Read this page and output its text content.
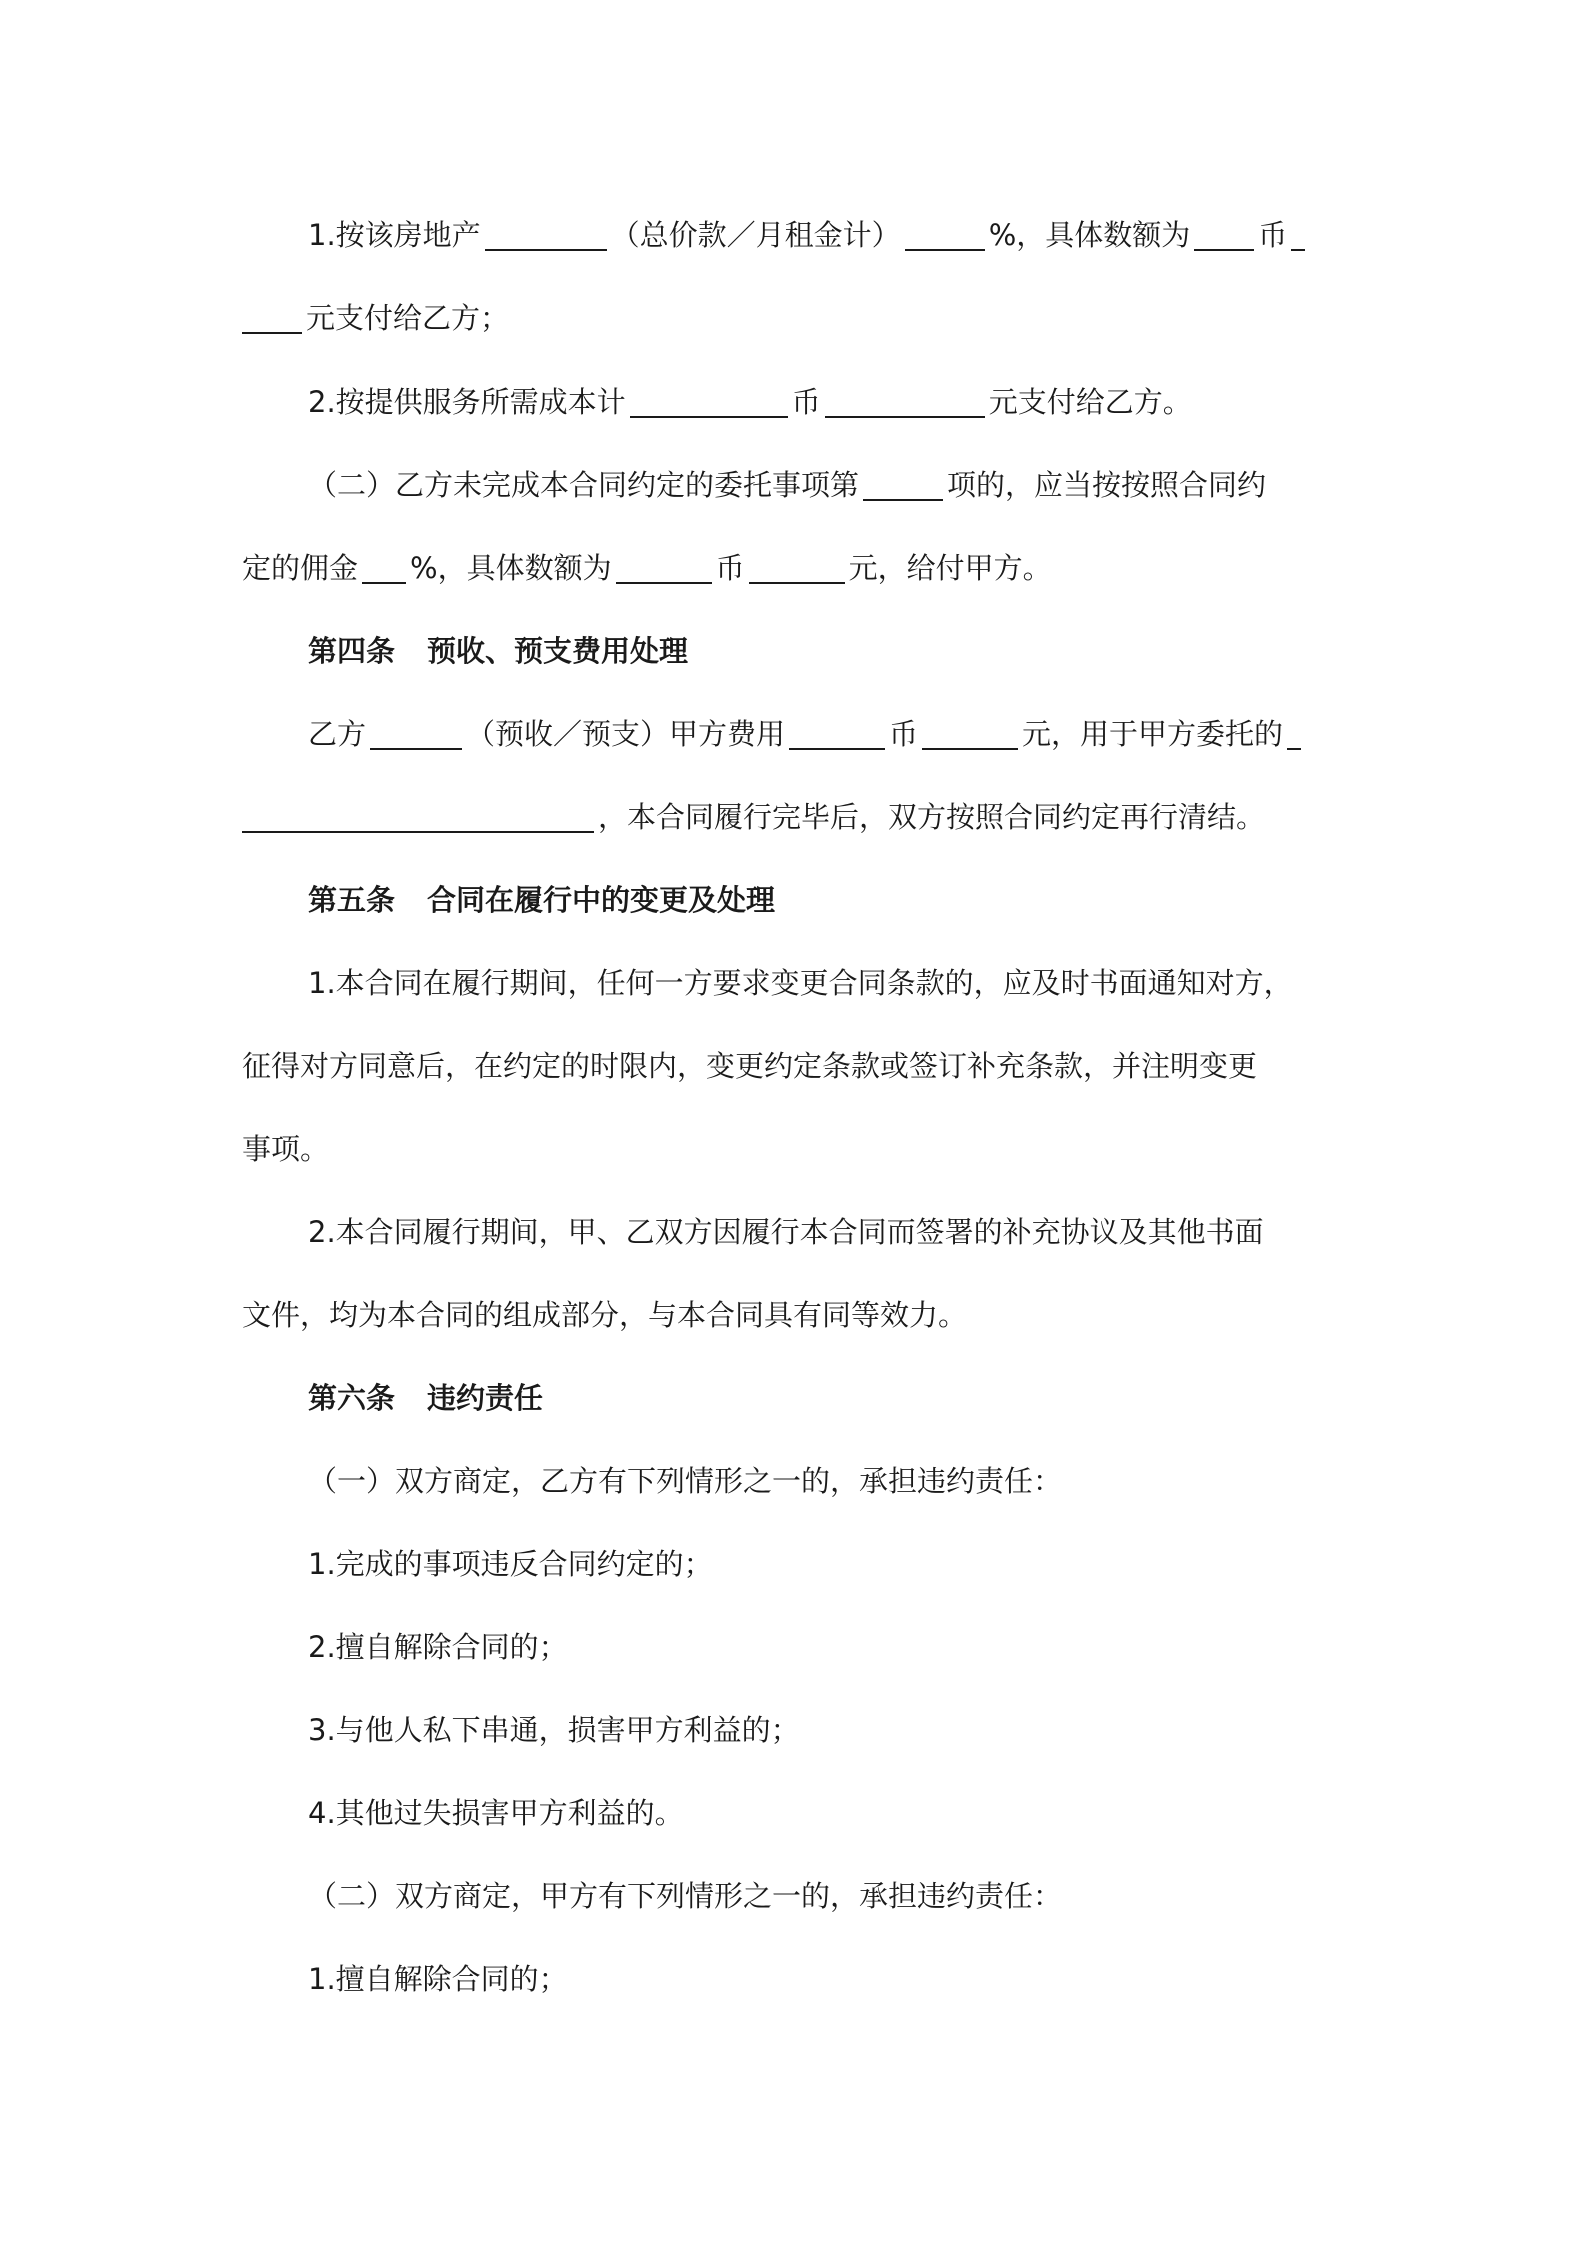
1.按该房地产	（总价款／月租金计）	%，具体数额为 币
元支付给乙方；
2.按提供服务所需成本计	币	元支付给乙方。
（二）乙方未完成本合同约定的委托事项第	项的，应当按按照合同约
定的佣金 %，具体数额为	币	元，给付甲方。
第四条 预收、预支费用处理
乙方	（预收／预支）甲方费用	币	元，用于甲方委托的
，本合同履行完毕后，双方按照合同约定再行清结。
第五条 合同在履行中的变更及处理
1.本合同在履行期间，任何一方要求变更合同条款的，应及时书面通知对方，
征得对方同意后，在约定的时限内，变更约定条款或签订补充条款，并注明变更
事项。
2.本合同履行期间，甲、乙双方因履行本合同而签署的补充协议及其他书面
文件，均为本合同的组成部分，与本合同具有同等效力。
第六条 违约责任
（一）双方商定，乙方有下列情形之一的，承担违约责任：
1.完成的事项违反合同约定的；
2.擅自解除合同的；
3.与他人私下串通，损害甲方利益的；
4.其他过失损害甲方利益的。
（二）双方商定，甲方有下列情形之一的，承担违约责任：
1.擅自解除合同的；
